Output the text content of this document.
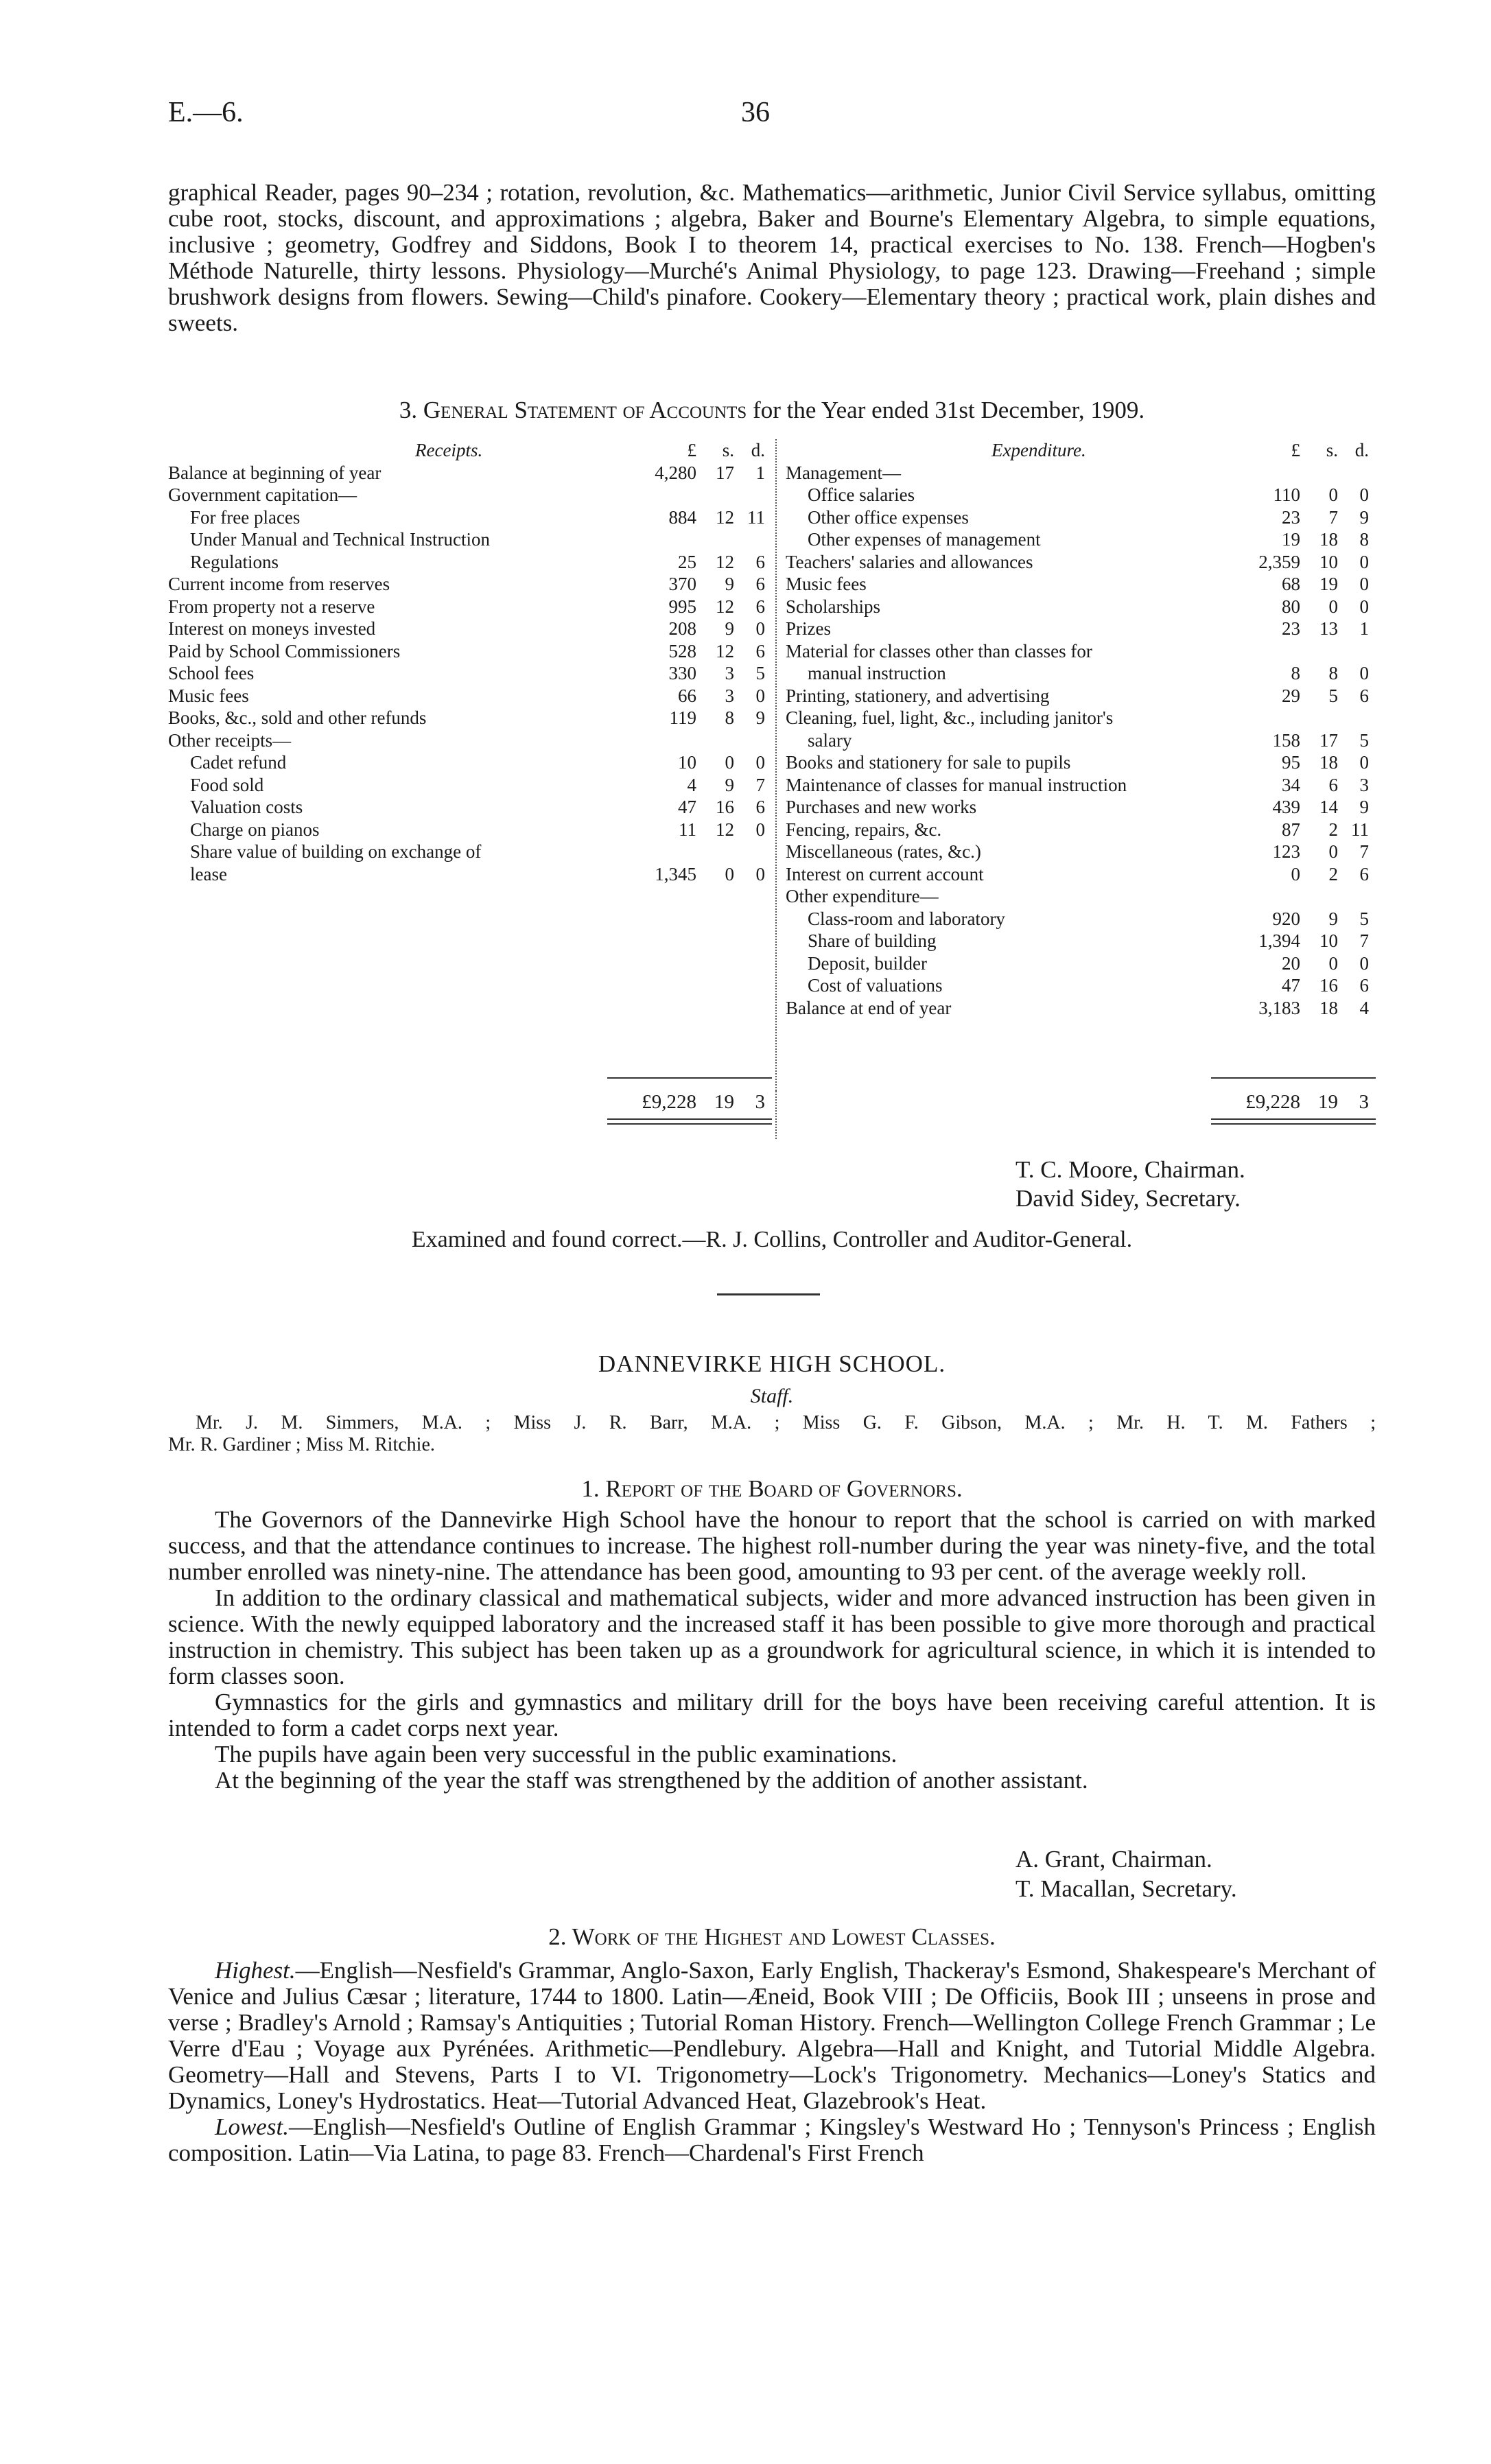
E.—6.	36

graphical Reader, pages 90–234 ; rotation, revolution, &c. Mathematics—arithmetic, Junior Civil Service syllabus, omitting cube root, stocks, discount, and approximations ; algebra, Baker and Bourne's Elementary Algebra, to simple equations, inclusive ; geometry, Godfrey and Siddons, Book I to theorem 14, practical exercises to No. 138. French—Hogben's Méthode Naturelle, thirty lessons. Physiology—Murché's Animal Physiology, to page 123. Drawing—Freehand ; simple brushwork designs from flowers. Sewing—Child's pinafore. Cookery—Elementary theory ; practical work, plain dishes and sweets.

3. General Statement of Accounts for the Year ended 31st December, 1909.
Receipts.	£	s. d.
Balance at beginning of year	4,280	17	1
Government capitation—
For free places	884	12 11
Under Manual and Technical Instruction
Regulations	25	12	6
Current income from reserves	370	9	6
From property not a reserve	995	12	6
Interest on moneys invested	208	9	0
Paid by School Commissioners	528	12	6
School fees	330	3	5
Music fees	66	3	0
Books, &c., sold and other refunds	119	8	9
Other receipts—
Cadet refund	10	0	0
Food sold	4	9	7
Valuation costs	47	16	6
Charge on pianos	11	12	0
Share value of building on exchange of
lease	1,345	0	0
Expenditure.	£	s. d.
Management—
Office salaries	110	0	0
Other office expenses	23	7	9
Other expenses of management	19	18	8
Teachers' salaries and allowances	2,359	10	0
Music fees	68	19	0
Scholarships	80	0	0
Prizes	23	13	1
Material for classes other than classes for
manual instruction	8	8	0
Printing, stationery, and advertising	29	5	6
Cleaning, fuel, light, &c., including janitor's
salary	158	17	5
Books and stationery for sale to pupils	95	18	0
Maintenance of classes for manual instruction	34	6	3
Purchases and new works	439	14	9
Fencing, repairs, &c.	87	2 11
Miscellaneous (rates, &c.)	123	0	7
Interest on current account	0	2	6
Other expenditure—
Class-room and laboratory	920	9	5
Share of building	1,394	10	7
Deposit, builder	20	0	0
Cost of valuations	47	16	6
Balance at end of year	3,183	18	4
£9,228 19	3	£9,228 19	3
T. C. Moore, Chairman.
David Sidey, Secretary.
Examined and found correct.—R. J. Collins, Controller and Auditor-General.
DANNEVIRKE HIGH SCHOOL.
Staff.
Mr. J. M. Simmers, M.A. ; Miss J. R. Barr, M.A. ; Miss G. F. Gibson, M.A. ; Mr. H. T. M. Fathers ;
Mr. R. Gardiner ; Miss M. Ritchie.
1. Report of the Board of Governors.

The Governors of the Dannevirke High School have the honour to report that the school is carried on with marked success, and that the attendance continues to increase. The highest roll-number during the year was ninety-five, and the total number enrolled was ninety-nine. The attendance has been good, amounting to 93 per cent. of the average weekly roll.

In addition to the ordinary classical and mathematical subjects, wider and more advanced instruction has been given in science. With the newly equipped laboratory and the increased staff it has been possible to give more thorough and practical instruction in chemistry. This subject has been taken up as a groundwork for agricultural science, in which it is intended to form classes soon.

Gymnastics for the girls and gymnastics and military drill for the boys have been receiving careful attention. It is intended to form a cadet corps next year.

The pupils have again been very successful in the public examinations.

At the beginning of the year the staff was strengthened by the addition of another assistant.

A. Grant, Chairman.
T. Macallan, Secretary.
2. Work of the Highest and Lowest Classes.

Highest.—English—Nesfield's Grammar, Anglo-Saxon, Early English, Thackeray's Esmond, Shakespeare's Merchant of Venice and Julius Cæsar ; literature, 1744 to 1800. Latin—Æneid, Book VIII ; De Officiis, Book III ; unseens in prose and verse ; Bradley's Arnold ; Ramsay's Antiquities ; Tutorial Roman History. French—Wellington College French Grammar ; Le Verre d'Eau ; Voyage aux Pyrénées. Arithmetic—Pendlebury. Algebra—Hall and Knight, and Tutorial Middle Algebra. Geometry—Hall and Stevens, Parts I to VI. Trigonometry—Lock's Trigonometry. Mechanics—Loney's Statics and Dynamics, Loney's Hydrostatics. Heat—Tutorial Advanced Heat, Glazebrook's Heat.

Lowest.—English—Nesfield's Outline of English Grammar ; Kingsley's Westward Ho ; Tennyson's Princess ; English composition. Latin—Via Latina, to page 83. French—Chardenal's First French
